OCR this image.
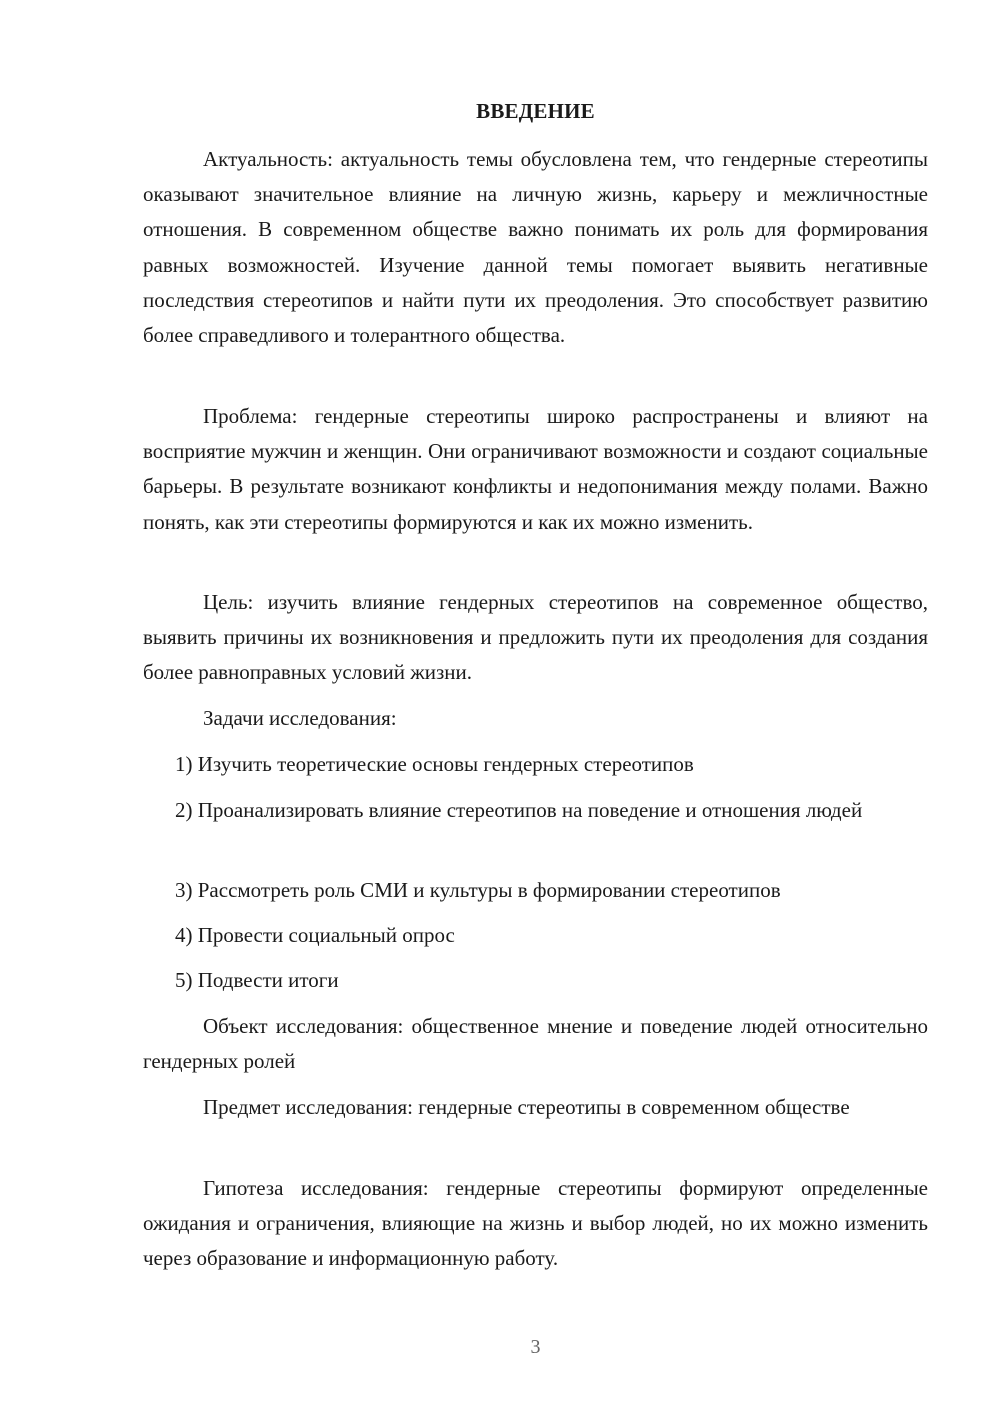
ВВЕДЕНИЕ

Актуальность: актуальность темы обусловлена тем, что гендерные стереотипы оказывают значительное влияние на личную жизнь, карьеру и межличностные отношения. В современном обществе важно понимать их роль для формирования равных возможностей. Изучение данной темы помогает выявить негативные последствия стереотипов и найти пути их преодоления. Это способствует развитию более справедливого и толерантного общества.

Проблема: гендерные стереотипы широко распространены и влияют на восприятие мужчин и женщин. Они ограничивают возможности и создают социальные барьеры. В результате возникают конфликты и недопонимания между полами. Важно понять, как эти стереотипы формируются и как их можно изменить.

Цель: изучить влияние гендерных стереотипов на современное общество, выявить причины их возникновения и предложить пути их преодоления для создания более равноправных условий жизни.

Задачи исследования:

1) Изучить теоретические основы гендерных стереотипов

2) Проанализировать влияние стереотипов на поведение и отношения людей

3) Рассмотреть роль СМИ и культуры в формировании стереотипов

4) Провести социальный опрос

5) Подвести итоги

Объект исследования: общественное мнение и поведение людей относительно гендерных ролей

Предмет исследования: гендерные стереотипы в современном обществе

Гипотеза исследования: гендерные стереотипы формируют определенные ожидания и ограничения, влияющие на жизнь и выбор людей, но их можно изменить через образование и информационную работу.

3
